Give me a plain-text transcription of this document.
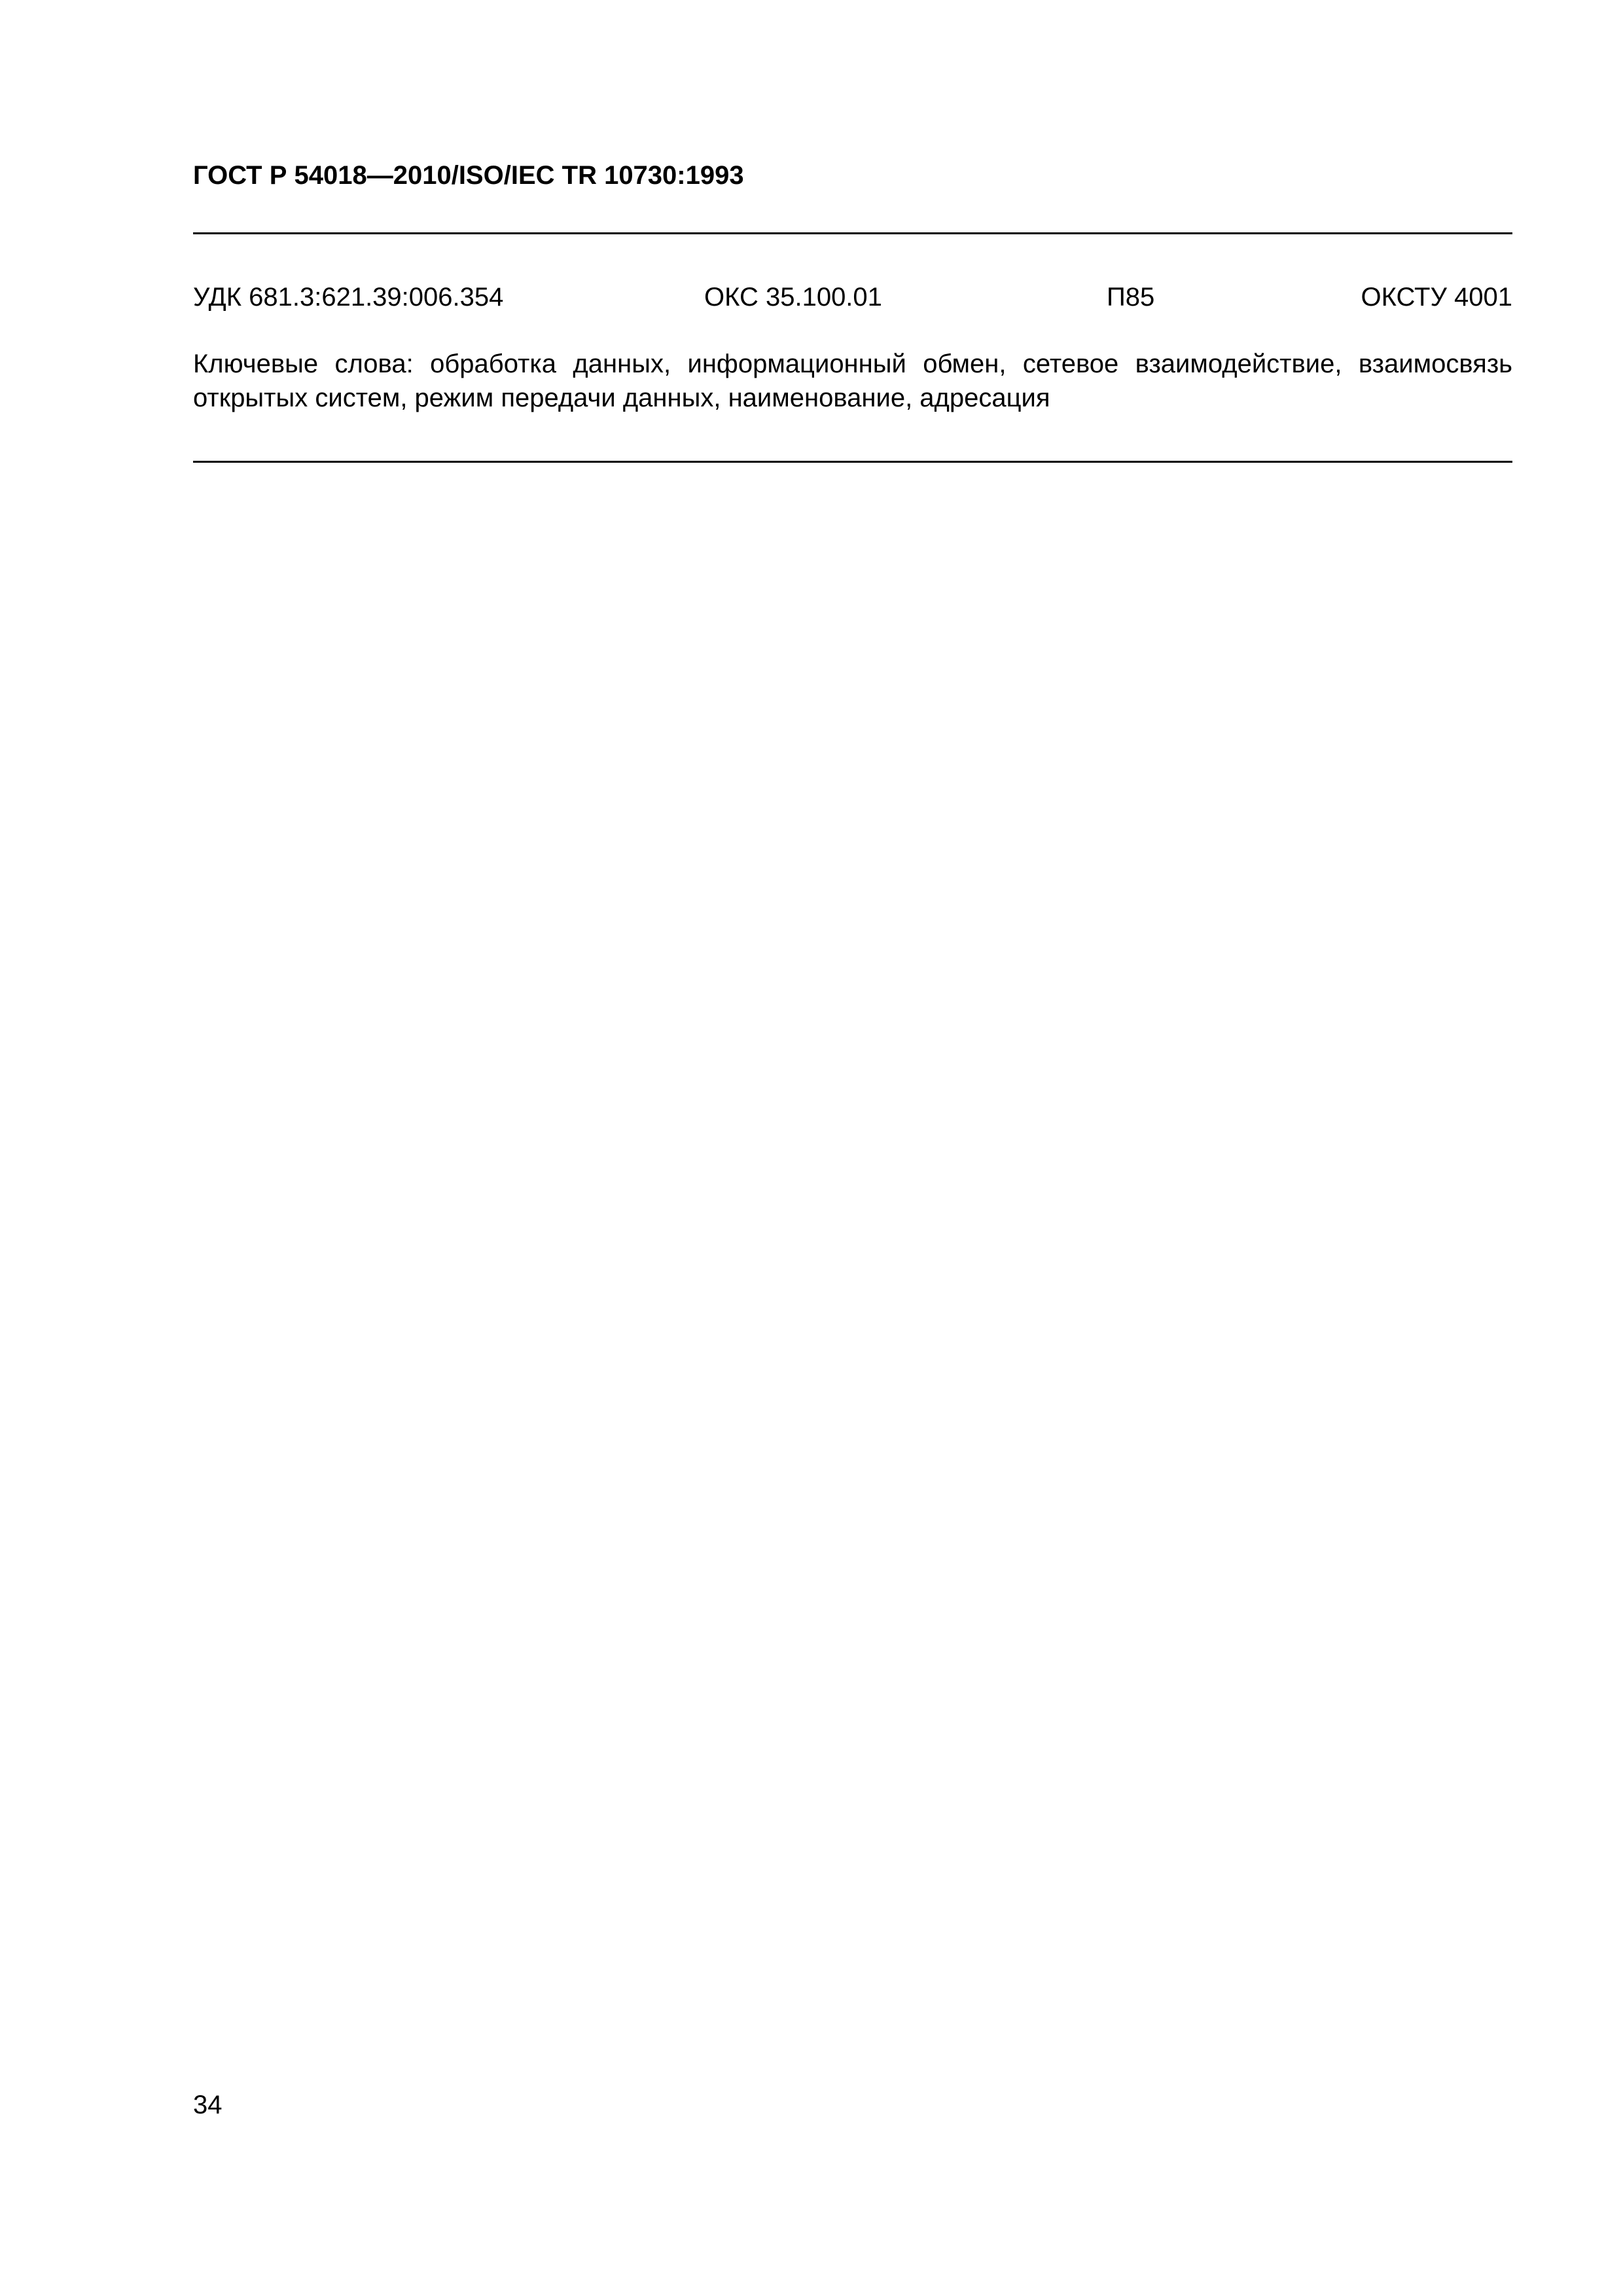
ГОСТ Р 54018—2010/ISO/IEC TR 10730:1993
УДК 681.3:621.39:006.354	ОКС 35.100.01	П85	ОКСТУ 4001
Ключевые слова: обработка данных, информационный обмен, сетевое взаимодействие, взаимосвязь открытых систем, режим передачи данных, наименование, адресация
34
